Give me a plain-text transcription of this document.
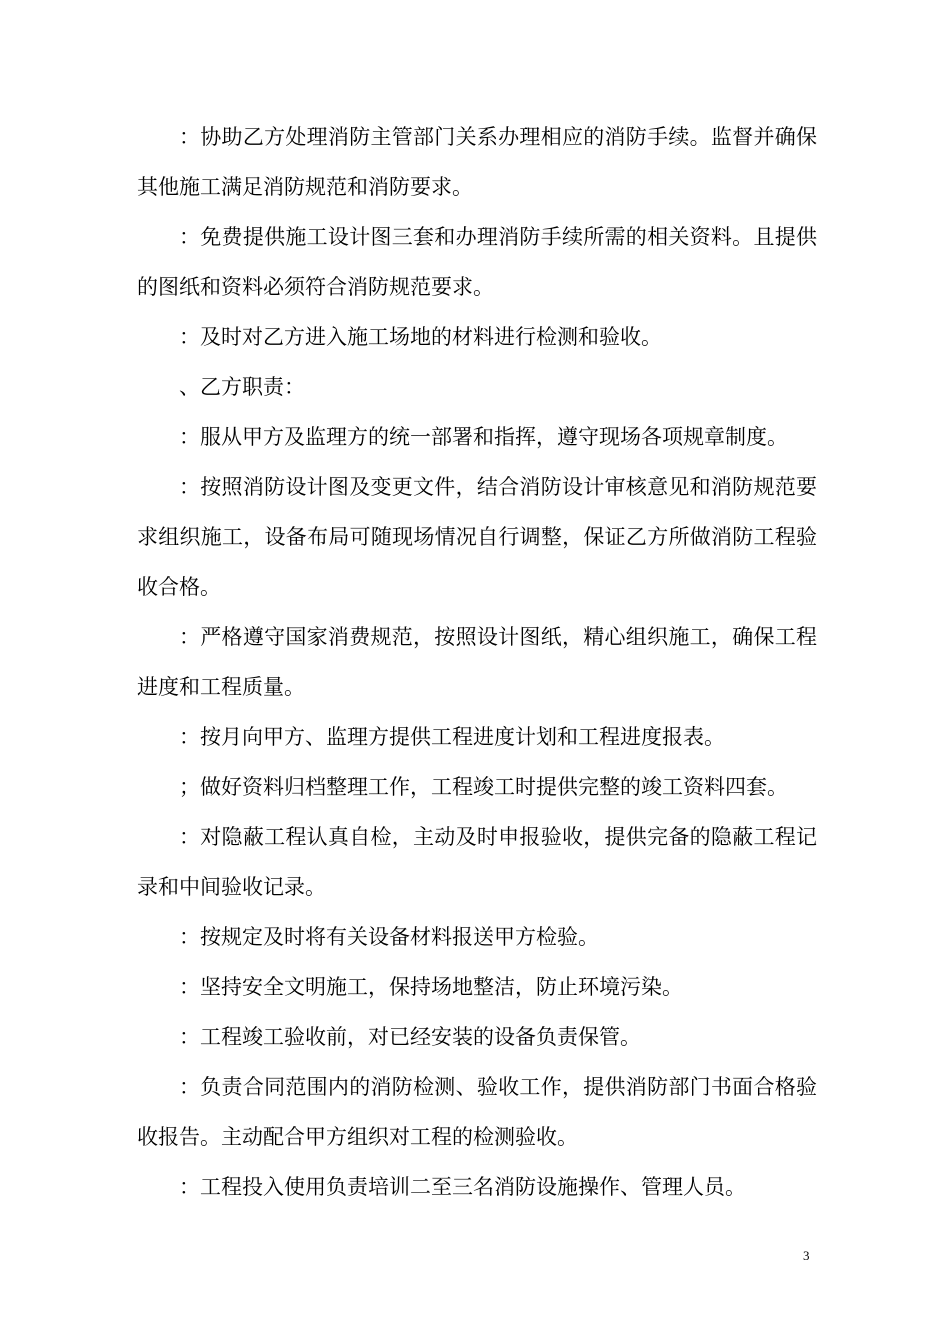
：协助乙方处理消防主管部门关系办理相应的消防手续。监督并确保其他施工满足消防规范和消防要求。

：免费提供施工设计图三套和办理消防手续所需的相关资料。且提供的图纸和资料必须符合消防规范要求。

：及时对乙方进入施工场地的材料进行检测和验收。

、乙方职责：

：服从甲方及监理方的统一部署和指挥，遵守现场各项规章制度。

：按照消防设计图及变更文件，结合消防设计审核意见和消防规范要求组织施工，设备布局可随现场情况自行调整，保证乙方所做消防工程验收合格。

：严格遵守国家消费规范，按照设计图纸，精心组织施工，确保工程进度和工程质量。

：按月向甲方、监理方提供工程进度计划和工程进度报表。

；做好资料归档整理工作，工程竣工时提供完整的竣工资料四套。

：对隐蔽工程认真自检，主动及时申报验收，提供完备的隐蔽工程记录和中间验收记录。

：按规定及时将有关设备材料报送甲方检验。

：坚持安全文明施工，保持场地整洁，防止环境污染。

：工程竣工验收前，对已经安装的设备负责保管。

：负责合同范围内的消防检测、验收工作，提供消防部门书面合格验收报告。主动配合甲方组织对工程的检测验收。

：工程投入使用负责培训二至三名消防设施操作、管理人员。

3
